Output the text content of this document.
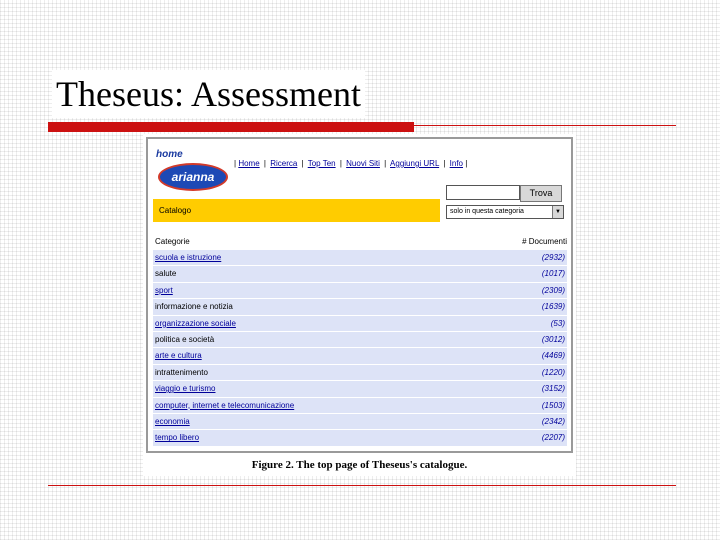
Theseus: Assessment
home
arianna
| Home | Ricerca | Top Ten | Nuovi Siti | Aggiungi URL | Info |
Trova
solo in questa categoria	▼
Catalogo
Categorie	# Documenti
scuola e istruzione	(2932)
salute	(1017)
sport	(2309)
informazione e notizia	(1639)
organizzazione sociale	(53)
politica e società	(3012)
arte e cultura	(4469)
intrattenimento	(1220)
viaggio e turismo	(3152)
computer, internet e telecomunicazione	(1503)
economia	(2342)
tempo libero	(2207)
Figure 2. The top page of Theseus's catalogue.
